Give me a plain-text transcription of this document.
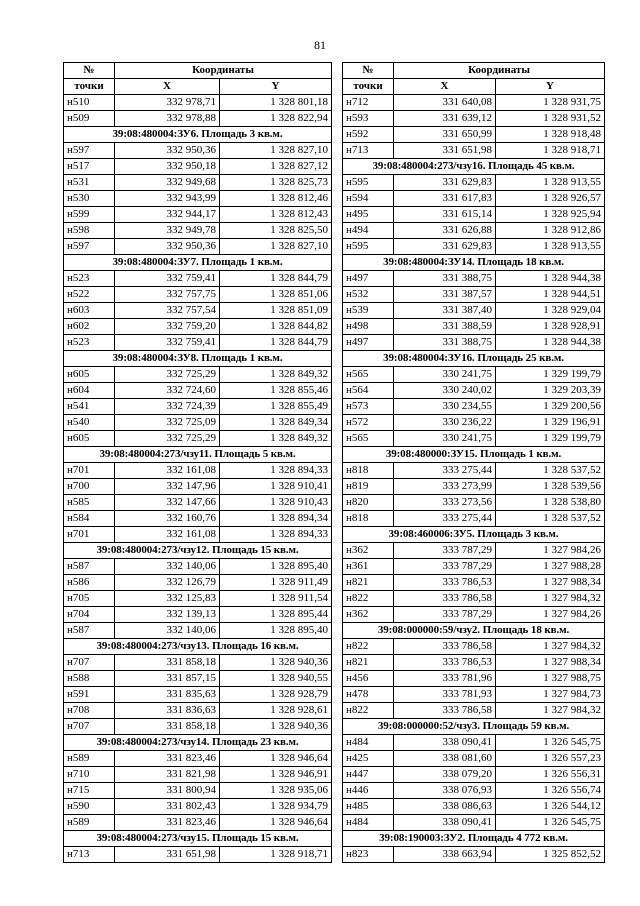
81
№	Координаты	
точки	X	Y
н510	332 978,71	1 328 801,18
н509	332 978,88	1 328 822,94
39:08:480004:ЗУ6. Площадь 3 кв.м.		
н597	332 950,36	1 328 827,10
н517	332 950,18	1 328 827,12
н531	332 949,68	1 328 825,73
н530	332 943,99	1 328 812,46
н599	332 944,17	1 328 812,43
н598	332 949,78	1 328 825,50
н597	332 950,36	1 328 827,10
39:08:480004:ЗУ7. Площадь 1 кв.м.		
н523	332 759,41	1 328 844,79
н522	332 757,75	1 328 851,06
н603	332 757,54	1 328 851,09
н602	332 759,20	1 328 844,82
н523	332 759,41	1 328 844,79
39:08:480004:ЗУ8. Площадь 1 кв.м.		
н605	332 725,29	1 328 849,32
н604	332 724,60	1 328 855,46
н541	332 724,39	1 328 855,49
н540	332 725,09	1 328 849,34
н605	332 725,29	1 328 849,32
39:08:480004:273/чзу11. Площадь 5 кв.м.		
н701	332 161,08	1 328 894,33
н700	332 147,96	1 328 910,41
н585	332 147,66	1 328 910,43
н584	332 160,76	1 328 894,34
н701	332 161,08	1 328 894,33
39:08:480004:273/чзу12. Площадь 15 кв.м.		
н587	332 140,06	1 328 895,40
н586	332 126,79	1 328 911,49
н705	332 125,83	1 328 911,54
н704	332 139,13	1 328 895,44
н587	332 140,06	1 328 895,40
39:08:480004:273/чзу13. Площадь 16 кв.м.		
н707	331 858,18	1 328 940,36
н588	331 857,15	1 328 940,55
н591	331 835,63	1 328 928,79
н708	331 836,63	1 328 928,61
н707	331 858,18	1 328 940,36
39:08:480004:273/чзу14. Площадь 23 кв.м.		
н589	331 823,46	1 328 946,64
н710	331 821,98	1 328 946,91
н715	331 800,94	1 328 935,06
н590	331 802,43	1 328 934,79
н589	331 823,46	1 328 946,64
39:08:480004:273/чзу15. Площадь 15 кв.м.		
н713	331 651,98	1 328 918,71
№	Координаты	
точки	X	Y
н712	331 640,08	1 328 931,75
н593	331 639,12	1 328 931,52
н592	331 650,99	1 328 918,48
н713	331 651,98	1 328 918,71
39:08:480004:273/чзу16. Площадь 45 кв.м.		
н595	331 629,83	1 328 913,55
н594	331 617,83	1 328 926,57
н495	331 615,14	1 328 925,94
н494	331 626,88	1 328 912,86
н595	331 629,83	1 328 913,55
39:08:480004:ЗУ14. Площадь 18 кв.м.		
н497	331 388,75	1 328 944,38
н532	331 387,57	1 328 944,51
н539	331 387,40	1 328 929,04
н498	331 388,59	1 328 928,91
н497	331 388,75	1 328 944,38
39:08:480004:ЗУ16. Площадь 25 кв.м.		
н565	330 241,75	1 329 199,79
н564	330 240,02	1 329 203,39
н573	330 234,55	1 329 200,56
н572	330 236,22	1 329 196,91
н565	330 241,75	1 329 199,79
39:08:480000:ЗУ15. Площадь 1 кв.м.		
н818	333 275,44	1 328 537,52
н819	333 273,99	1 328 539,56
н820	333 273,56	1 328 538,80
н818	333 275,44	1 328 537,52
39:08:460006:ЗУ5. Площадь 3 кв.м.		
н362	333 787,29	1 327 984,26
н361	333 787,29	1 327 988,28
н821	333 786,53	1 327 988,34
н822	333 786,58	1 327 984,32
н362	333 787,29	1 327 984,26
39:08:000000:59/чзу2. Площадь 18 кв.м.		
н822	333 786,58	1 327 984,32
н821	333 786,53	1 327 988,34
н456	333 781,96	1 327 988,75
н478	333 781,93	1 327 984,73
н822	333 786,58	1 327 984,32
39:08:000000:52/чзу3. Площадь 59 кв.м.		
н484	338 090,41	1 326 545,75
н425	338 081,60	1 326 557,23
н447	338 079,20	1 326 556,31
н446	338 076,93	1 326 556,74
н485	338 086,63	1 326 544,12
н484	338 090,41	1 326 545,75
39:08:190003:ЗУ2. Площадь 4 772 кв.м.		
н823	338 663,94	1 325 852,52
